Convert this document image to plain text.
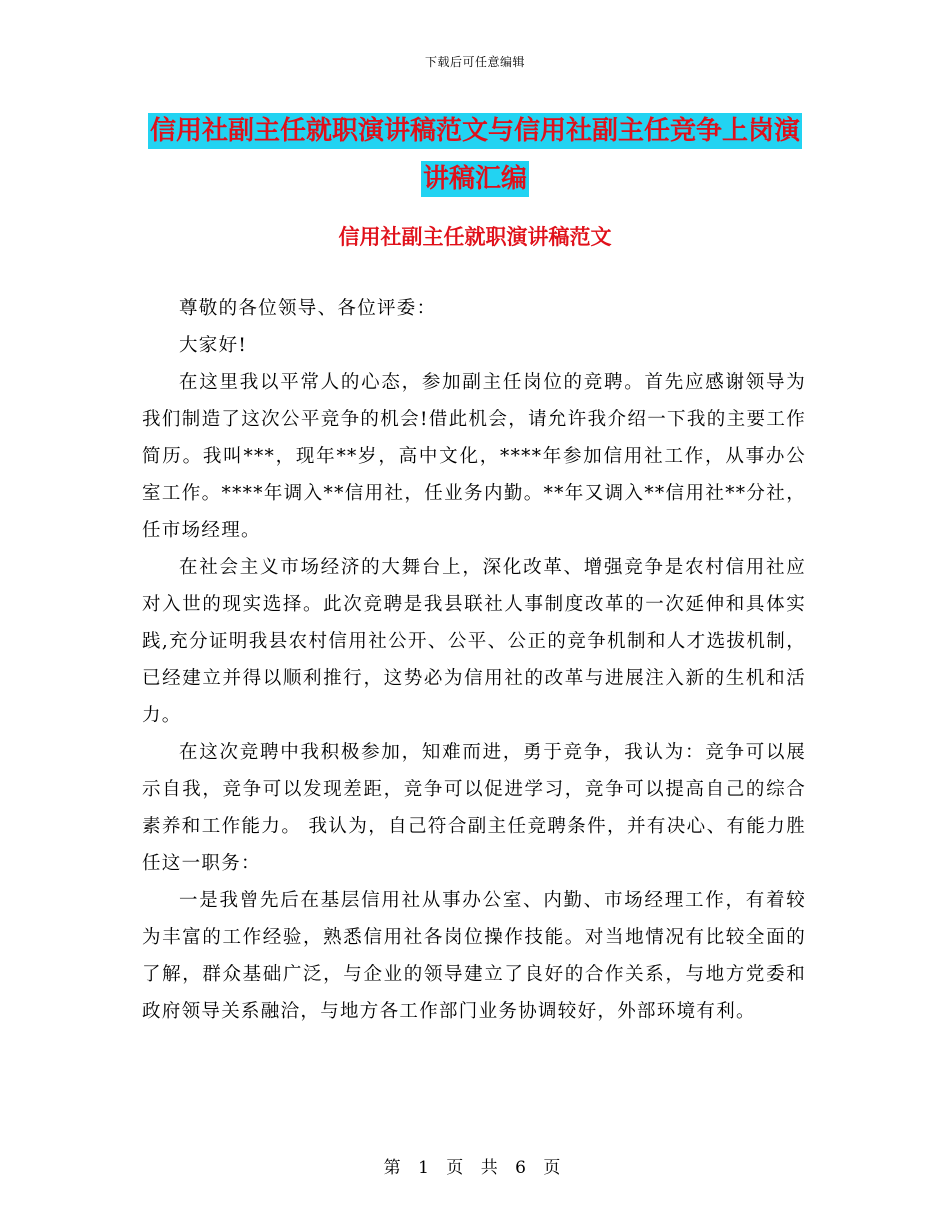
下载后可任意编辑
信用社副主任就职演讲稿范文与信用社副主任竞争上岗演讲稿汇编
信用社副主任就职演讲稿范文

尊敬的各位领导、各位评委：

大家好!

在这里我以平常人的心态，参加副主任岗位的竞聘。首先应感谢领导为我们制造了这次公平竞争的机会!借此机会，请允许我介绍一下我的主要工作简历。我叫***，现年**岁，高中文化，****年参加信用社工作，从事办公室工作。****年调入**信用社，任业务内勤。**年又调入**信用社**分社，任市场经理。

在社会主义市场经济的大舞台上，深化改革、增强竞争是农村信用社应对入世的现实选择。此次竞聘是我县联社人事制度改革的一次延伸和具体实践,充分证明我县农村信用社公开、公平、公正的竞争机制和人才选拔机制，已经建立并得以顺利推行，这势必为信用社的改革与进展注入新的生机和活力。

在这次竞聘中我积极参加，知难而进，勇于竞争，我认为：竞争可以展示自我，竞争可以发现差距，竞争可以促进学习，竞争可以提高自己的综合素养和工作能力。 我认为，自己符合副主任竞聘条件，并有决心、有能力胜任这一职务：

一是我曾先后在基层信用社从事办公室、内勤、市场经理工作，有着较为丰富的工作经验，熟悉信用社各岗位操作技能。对当地情况有比较全面的了解，群众基础广泛，与企业的领导建立了良好的合作关系，与地方党委和政府领导关系融洽，与地方各工作部门业务协调较好，外部环境有利。

第 1 页 共 6 页
